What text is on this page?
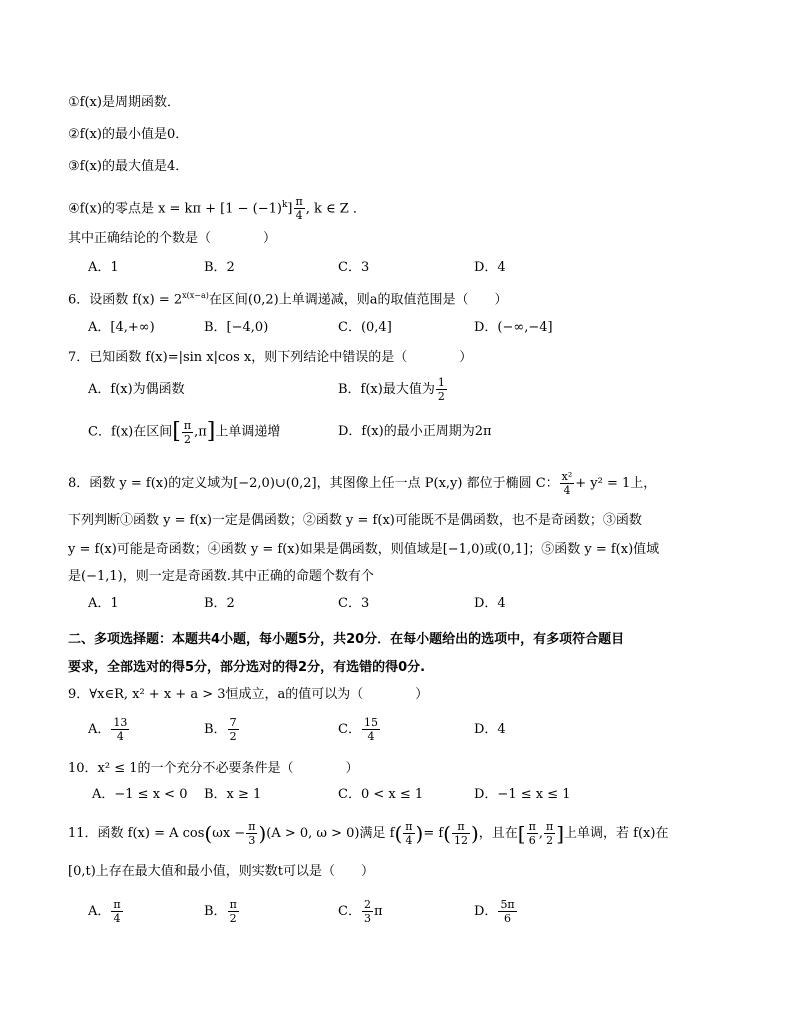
①f(x)是周期函数．
②f(x)的最小值是0．
③f(x)的最大值是4．
④f(x)的零点是 $x = k\pi + [1 - (-1)^k] \frac{\pi}{4}$ , k ∈ Z ．
其中正确结论的个数是（　　　　）
A．1	B．2	C．3	D．4
6．设函数 $f(x) = 2^{x(x-a)}$在区间(0,2)上单调递减，则a的取值范围是（　　）
A．[4,+∞)	B．[−4,0)	C．(0,4]	D．(−∞,−4]
7．已知函数 f(x)=|sin x|cos x，则下列结论中错误的是（　　　　）
A．f(x)为偶函数	B．f(x)最大值为 $\frac{1}{2}$
C．f(x)在区间[ $\frac{\pi}{2} ,\pi$]上单调递增	D．f(x)的最小正周期为2π
8．函数 y = f(x)的定义域为[−2,0)∪(0,2]，其图像上任一点 P(x,y) 都位于椭圆 C： $\frac{\text{x²}}{4} + y^2 = 1$上，
下列判断①函数 y = f(x)一定是偶函数；②函数 y = f(x)可能既不是偶函数，也不是奇函数；③函数
y = f(x)可能是奇函数；④函数 y = f(x)如果是偶函数，则值域是[−1,0)或(0,1]；⑤函数 y = f(x)值域
是(−1,1)，则一定是奇函数.其中正确的命题个数有个
A．1	B．2	C．3	D．4
二、多项选择题：本题共4小题，每小题5分，共20分．在每小题给出的选项中，有多项符合题目
要求，全部选对的得5分，部分选对的得2分，有选错的得0分.
9．∀x∈R, x² + x + a > 3恒成立，a的值可以为（　　　　）
A． $\frac{13}{4}$	B． $\frac{7}{2}$	C． $\frac{15}{4}$	D．4
10．x² ≤ 1的一个充分不必要条件是（　　　　）
A．−1 ≤ x < 0 B．x ≥ 1	C．0 < x ≤ 1	D．−1 ≤ x ≤ 1
11．函数 f(x) = A $\cos(\omega x - \frac{\pi}{3} )(A > 0$, ω > 0)满足 $f( \frac{\pi}{4}$ )= $f( \frac{\pi}{12}$ )，且在[ $\frac{\pi}{6}$ , $\frac{\pi}{2}$ ]上单调，若 f(x)在
[0,t)上存在最大值和最小值，则实数t可以是（　　）
A． $\frac{\pi}{4}$	B． $\frac{\pi}{2}$	C． $\frac{2}{3}$ π	D． $\frac{5\pi}{6}$
